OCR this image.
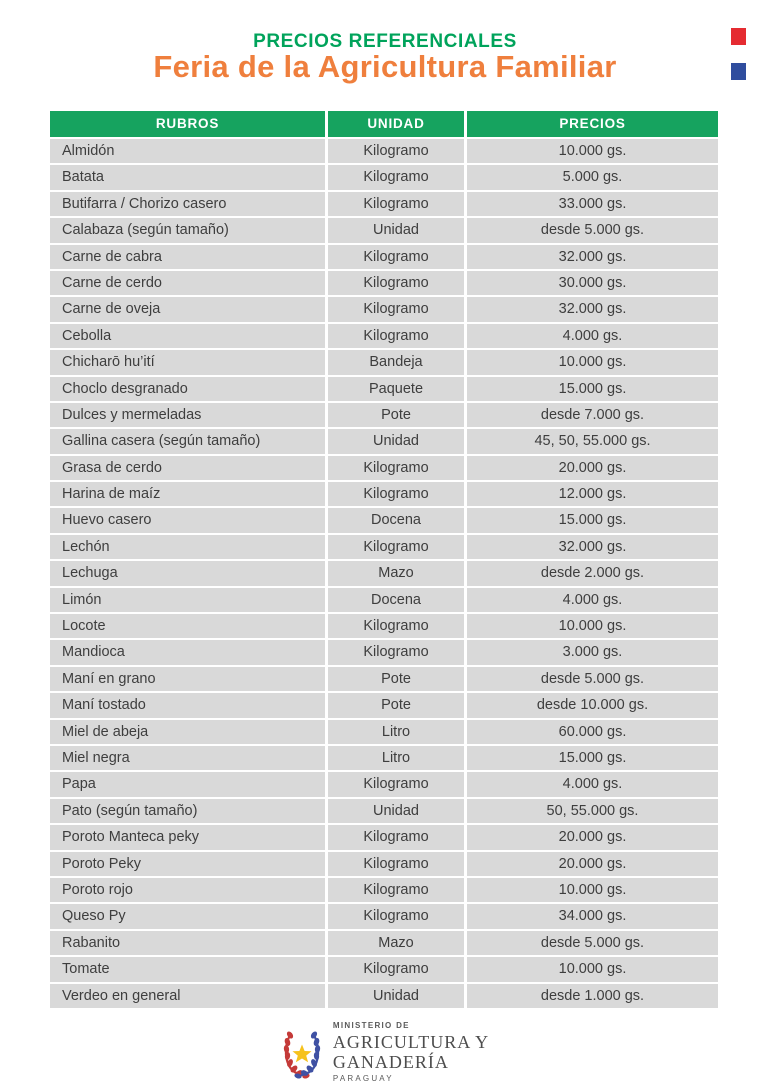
PRECIOS REFERENCIALES
Feria de la Agricultura Familiar
RUBROS	UNIDAD	PRECIOS
Almidón	Kilogramo	10.000 gs.
Batata	Kilogramo	5.000 gs.
Butifarra / Chorizo casero	Kilogramo	33.000 gs.
Calabaza (según tamaño)	Unidad	desde 5.000 gs.
Carne de cabra	Kilogramo	32.000 gs.
Carne de cerdo	Kilogramo	30.000 gs.
Carne de oveja	Kilogramo	32.000 gs.
Cebolla	Kilogramo	4.000 gs.
Chicharō hu’ití	Bandeja	10.000 gs.
Choclo desgranado	Paquete	15.000 gs.
Dulces y mermeladas	Pote	desde 7.000 gs.
Gallina casera (según tamaño)	Unidad	45, 50, 55.000 gs.
Grasa de cerdo	Kilogramo	20.000 gs.
Harina de maíz	Kilogramo	12.000 gs.
Huevo casero	Docena	15.000 gs.
Lechón	Kilogramo	32.000 gs.
Lechuga	Mazo	desde 2.000 gs.
Limón	Docena	4.000 gs.
Locote	Kilogramo	10.000 gs.
Mandioca	Kilogramo	3.000 gs.
Maní en grano	Pote	desde 5.000 gs.
Maní tostado	Pote	desde 10.000 gs.
Miel de abeja	Litro	60.000 gs.
Miel negra	Litro	15.000 gs.
Papa	Kilogramo	4.000 gs.
Pato (según tamaño)	Unidad	50, 55.000 gs.
Poroto Manteca peky	Kilogramo	20.000 gs.
Poroto Peky	Kilogramo	20.000 gs.
Poroto rojo	Kilogramo	10.000 gs.
Queso Py	Kilogramo	34.000 gs.
Rabanito	Mazo	desde 5.000 gs.
Tomate	Kilogramo	10.000 gs.
Verdeo en general	Unidad	desde 1.000 gs.
MINISTERIO DE
AGRICULTURA Y
GANADERÍA
PARAGUAY
